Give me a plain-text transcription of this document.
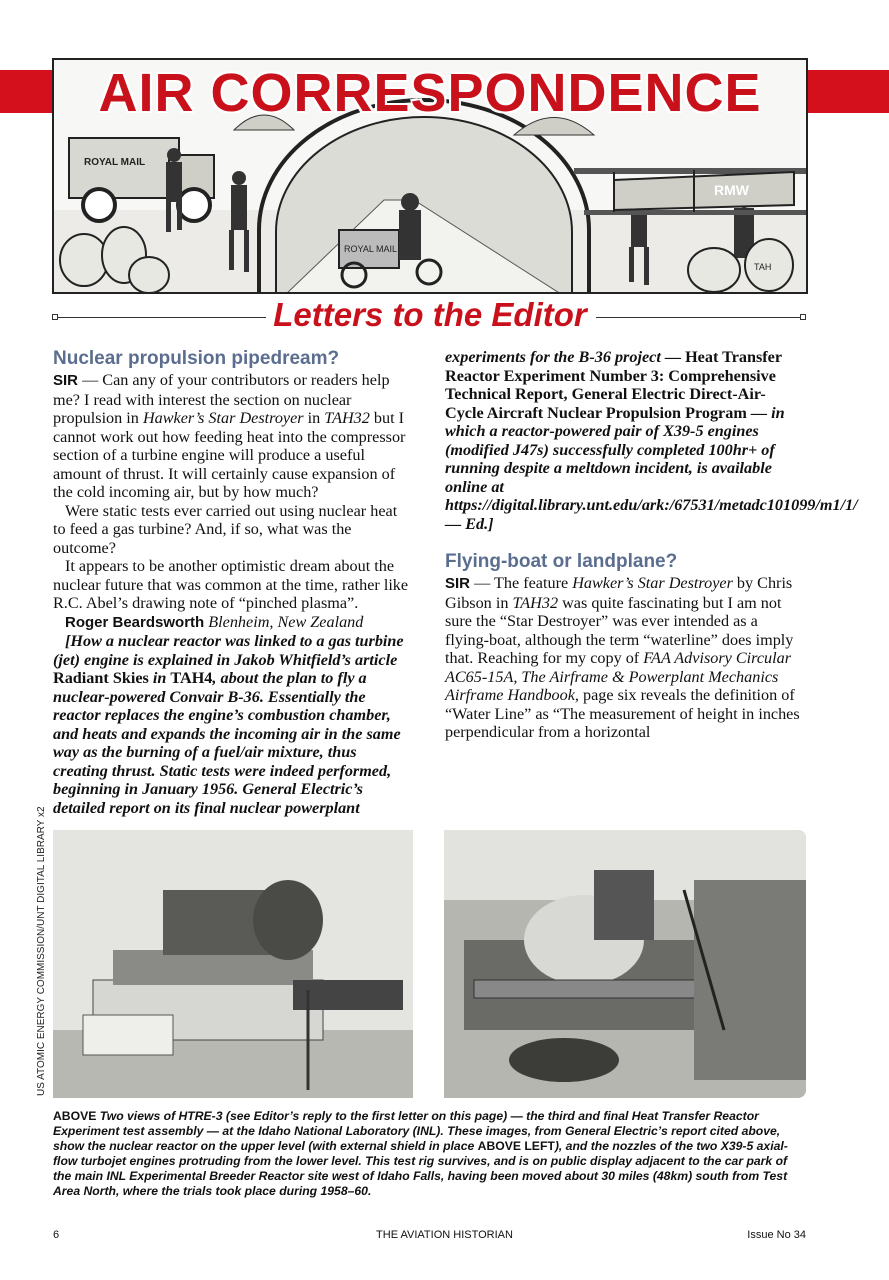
ROYAL MAIL
ROYAL MAIL
TAH
RMW
AIR CORRESPONDENCE
Letters to the Editor
Nuclear propulsion pipedream?

SIR — Can any of your contributors or readers help me? I read with interest the section on nuclear propulsion in Hawker’s Star Destroyer in TAH32 but I cannot work out how feeding heat into the compressor section of a turbine engine will produce a useful amount of thrust. It will certainly cause expansion of the cold incoming air, but by how much?

Were static tests ever carried out using nuclear heat to feed a gas turbine? And, if so, what was the outcome?

It appears to be another optimistic dream about the nuclear future that was common at the time, rather like R.C. Abel’s drawing note of “pinched plasma”.

Roger Beardsworth Blenheim, New Zealand

[How a nuclear reactor was linked to a gas turbine (jet) engine is explained in Jakob Whitfield’s article Radiant Skies in TAH4, about the plan to fly a nuclear-powered Convair B-36. Essentially the reactor replaces the engine’s combustion chamber, and heats and expands the incoming air in the same way as the burning of a fuel/air mixture, thus creating thrust. Static tests were indeed performed, beginning in January 1956. General Electric’s detailed report on its final nuclear powerplant

experiments for the B-36 project — Heat Transfer Reactor Experiment Number 3: Comprehensive Technical Report, General Electric Direct-Air-Cycle Aircraft Nuclear Propulsion Program — in which a reactor-powered pair of X39-5 engines (modified J47s) successfully completed 100hr+ of running despite a meltdown incident, is available online at https://digital.library.unt.edu/ark:/67531/metadc101099/m1/1/ — Ed.]

Flying-boat or landplane?

SIR — The feature Hawker’s Star Destroyer by Chris Gibson in TAH32 was quite fascinating but I am not sure the “Star Destroyer” was ever intended as a flying-boat, although the term “waterline” does imply that. Reaching for my copy of FAA Advisory Circular AC65-15A, The Airframe & Powerplant Mechanics Airframe Handbook, page six reveals the definition of “Water Line” as “The measurement of height in inches perpendicular from a horizontal

US ATOMIC ENERGY COMMISSION/UNT DIGITAL LIBRARY x2
ABOVE Two views of HTRE-3 (see Editor’s reply to the first letter on this page) — the third and final Heat Transfer Reactor Experiment test assembly — at the Idaho National Laboratory (INL). These images, from General Electric’s report cited above, show the nuclear reactor on the upper level (with external shield in place ABOVE LEFT), and the nozzles of the two X39-5 axial-flow turbojet engines protruding from the lower level. This test rig survives, and is on public display adjacent to the car park of the main INL Experimental Breeder Reactor site west of Idaho Falls, having been moved about 30 miles (48km) south from Test Area North, where the trials took place during 1958–60.
6	THE AVIATION HISTORIAN	Issue No 34
